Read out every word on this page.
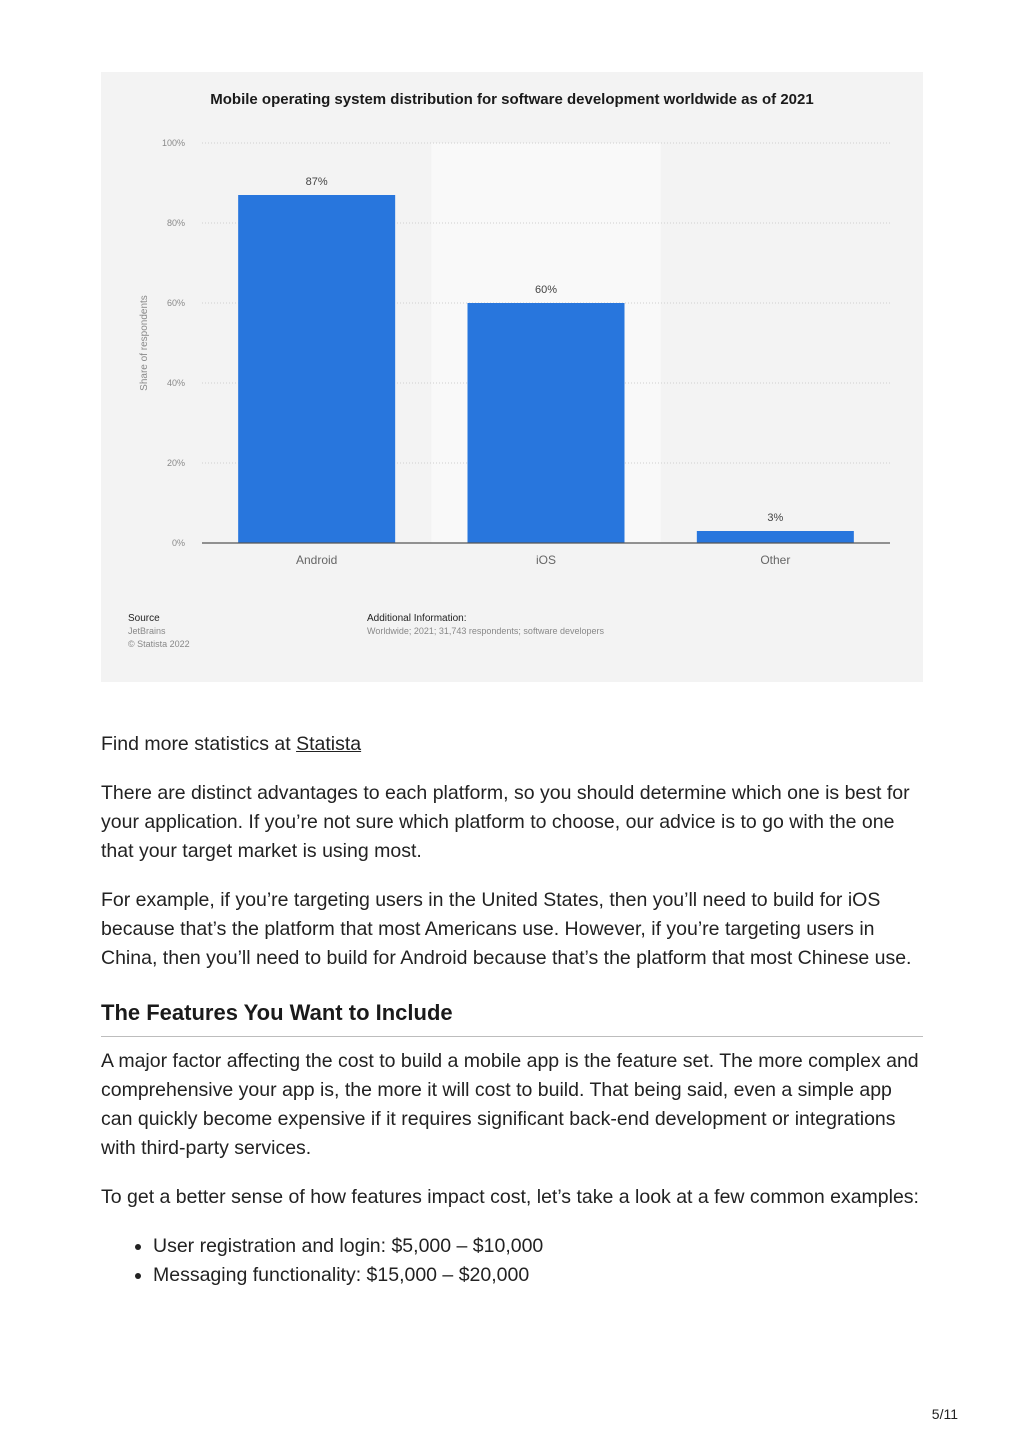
Mobile operating system distribution for software development worldwide as of 2021
0%
20%
40%
60%
80%
100%
87%
Android
60%
iOS
3%
Other
Share of respondents
Source
JetBrains
© Statista 2022
Additional Information:
Worldwide; 2021; 31,743 respondents; software developers

Find more statistics at Statista

There are distinct advantages to each platform, so you should determine which one is best for your application. If you’re not sure which platform to choose, our advice is to go with the one that your target market is using most.

For example, if you’re targeting users in the United States, then you’ll need to build for iOS because that’s the platform that most Americans use. However, if you’re targeting users in China, then you’ll need to build for Android because that’s the platform that most Chinese use.

The Features You Want to Include

A major factor affecting the cost to build a mobile app is the feature set. The more complex and comprehensive your app is, the more it will cost to build. That being said, even a simple app can quickly become expensive if it requires significant back-end development or integrations with third-party services.

To get a better sense of how features impact cost, let’s take a look at a few common examples:

• User registration and login: $5,000 – $10,000
• Messaging functionality: $15,000 – $20,000
5/11
